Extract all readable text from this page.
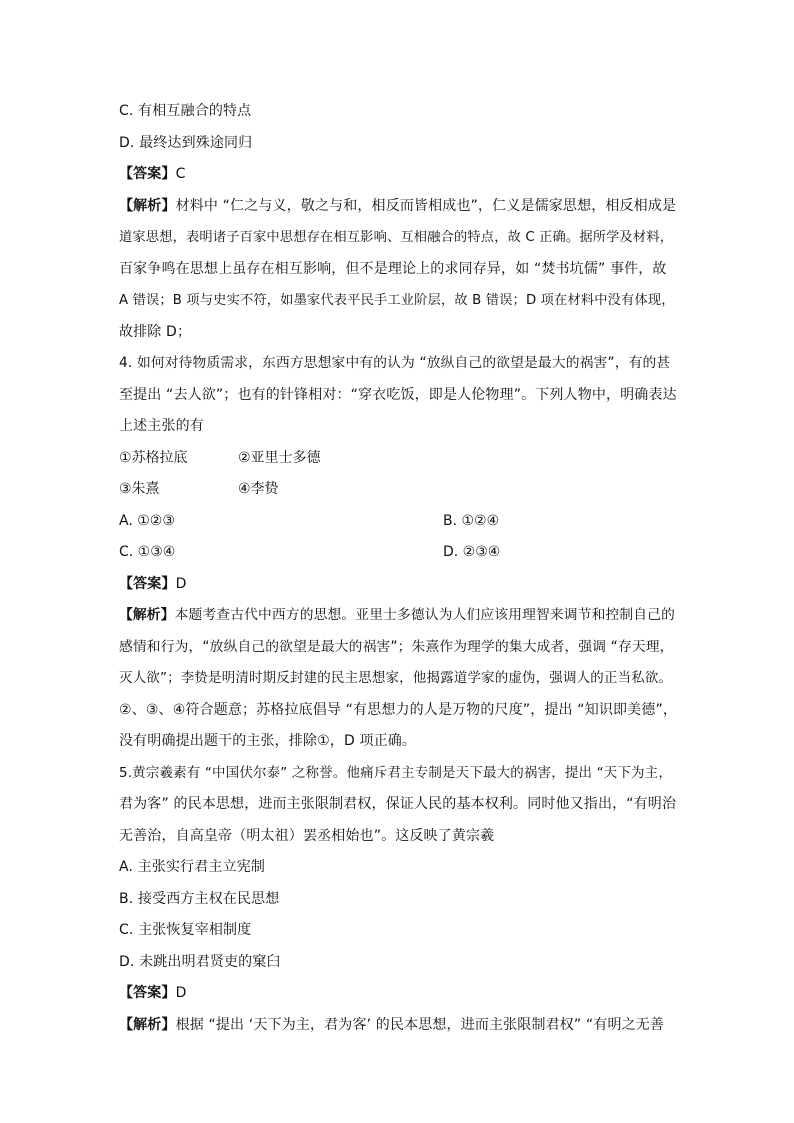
C. 有相互融合的特点
D. 最终达到殊途同归
【答案】C
【解析】材料中 “仁之与义，敬之与和，相反而皆相成也”，仁义是儒家思想，相反相成是
道家思想，表明诸子百家中思想存在相互影响、互相融合的特点，故 C 正确。据所学及材料，
百家争鸣在思想上虽存在相互影响，但不是理论上的求同存异，如 “焚书坑儒” 事件，故
A 错误；B 项与史实不符，如墨家代表平民手工业阶层，故 B 错误；D 项在材料中没有体现，
故排除 D；
4. 如何对待物质需求，东西方思想家中有的认为 “放纵自己的欲望是最大的祸害”，有的甚
至提出 “去人欲”；也有的针锋相对：“穿衣吃饭，即是人伦物理”。下列人物中，明确表达
上述主张的有
①苏格拉底	②亚里士多德
③朱熹	④李贽
A. ①②③	B. ①②④
C. ①③④	D. ②③④
【答案】D
【解析】本题考查古代中西方的思想。亚里士多德认为人们应该用理智来调节和控制自己的
感情和行为，“放纵自己的欲望是最大的祸害”；朱熹作为理学的集大成者，强调 “存天理，
灭人欲”；李贽是明清时期反封建的民主思想家，他揭露道学家的虚伪，强调人的正当私欲。
②、③、④符合题意；苏格拉底倡导 “有思想力的人是万物的尺度”，提出 “知识即美德”，
没有明确提出题干的主张，排除①，D 项正确。
5.黄宗羲素有 “中国伏尔泰” 之称誉。他痛斥君主专制是天下最大的祸害，提出 “天下为主，
君为客” 的民本思想，进而主张限制君权，保证人民的基本权利。同时他又指出，“有明治
无善治，自高皇帝（明太祖）罢丞相始也”。这反映了黄宗羲
A. 主张实行君主立宪制
B. 接受西方主权在民思想
C. 主张恢复宰相制度
D. 未跳出明君贤吏的窠臼
【答案】D
【解析】根据 “提出 ‘天下为主，君为客’ 的民本思想，进而主张限制君权” “有明之无善
